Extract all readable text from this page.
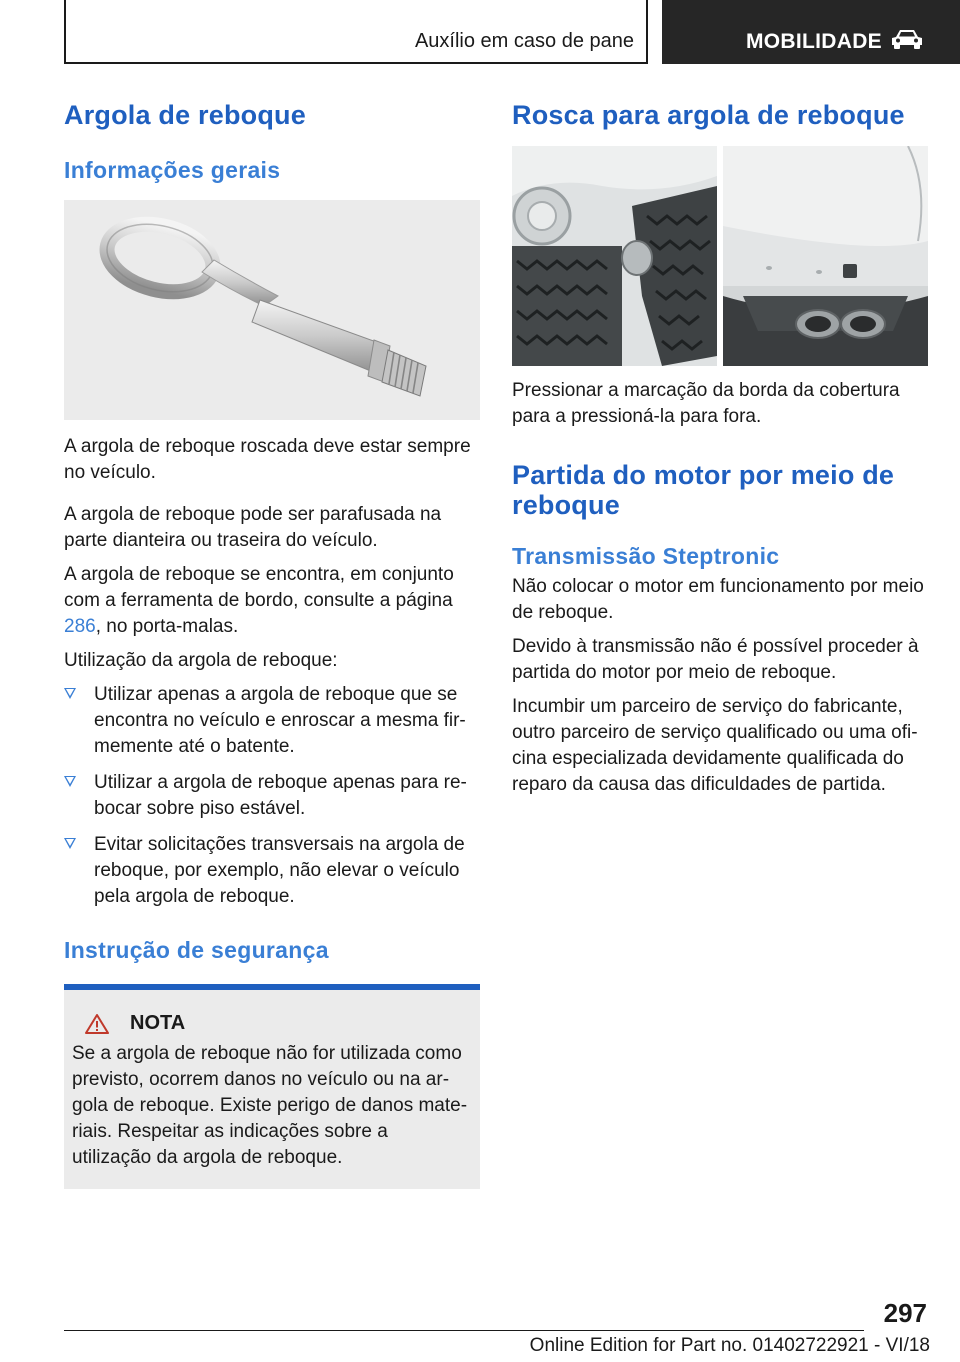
Auxílio em caso de pane	MOBILIDADE
Argola de reboque
Informações gerais

A argola de reboque roscada deve estar sempre no veículo.

A argola de reboque pode ser parafusada na parte dianteira ou traseira do veículo.

A argola de reboque se encontra, em conjunto com a ferramenta de bordo, consulte a página 286, no porta-malas.

Utilização da argola de reboque:

Utilizar apenas a argola de reboque que se encontra no veículo e enroscar a mesma firmemente até o batente.
Utilizar a argola de reboque apenas para rebocar sobre piso estável.
Evitar solicitações transversais na argola de reboque, por exemplo, não elevar o veículo pela argola de reboque.
Instrução de segurança
NOTA

Se a argola de reboque não for utilizada como previsto, ocorrem danos no veículo ou na argola de reboque. Existe perigo de danos materiais. Respeitar as indicações sobre a utilização da argola de reboque.

Rosca para argola de reboque

Pressionar a marcação da borda da cobertura para a pressioná-la para fora.

Partida do motor por meio de reboque
Transmissão Steptronic

Não colocar o motor em funcionamento por meio de reboque.

Devido à transmissão não é possível proceder à partida do motor por meio de reboque.

Incumbir um parceiro de serviço do fabricante, outro parceiro de serviço qualificado ou uma oficina especializada devidamente qualificada do reparo da causa das dificuldades de partida.

297
Online Edition for Part no. 01402722921 - VI/18
